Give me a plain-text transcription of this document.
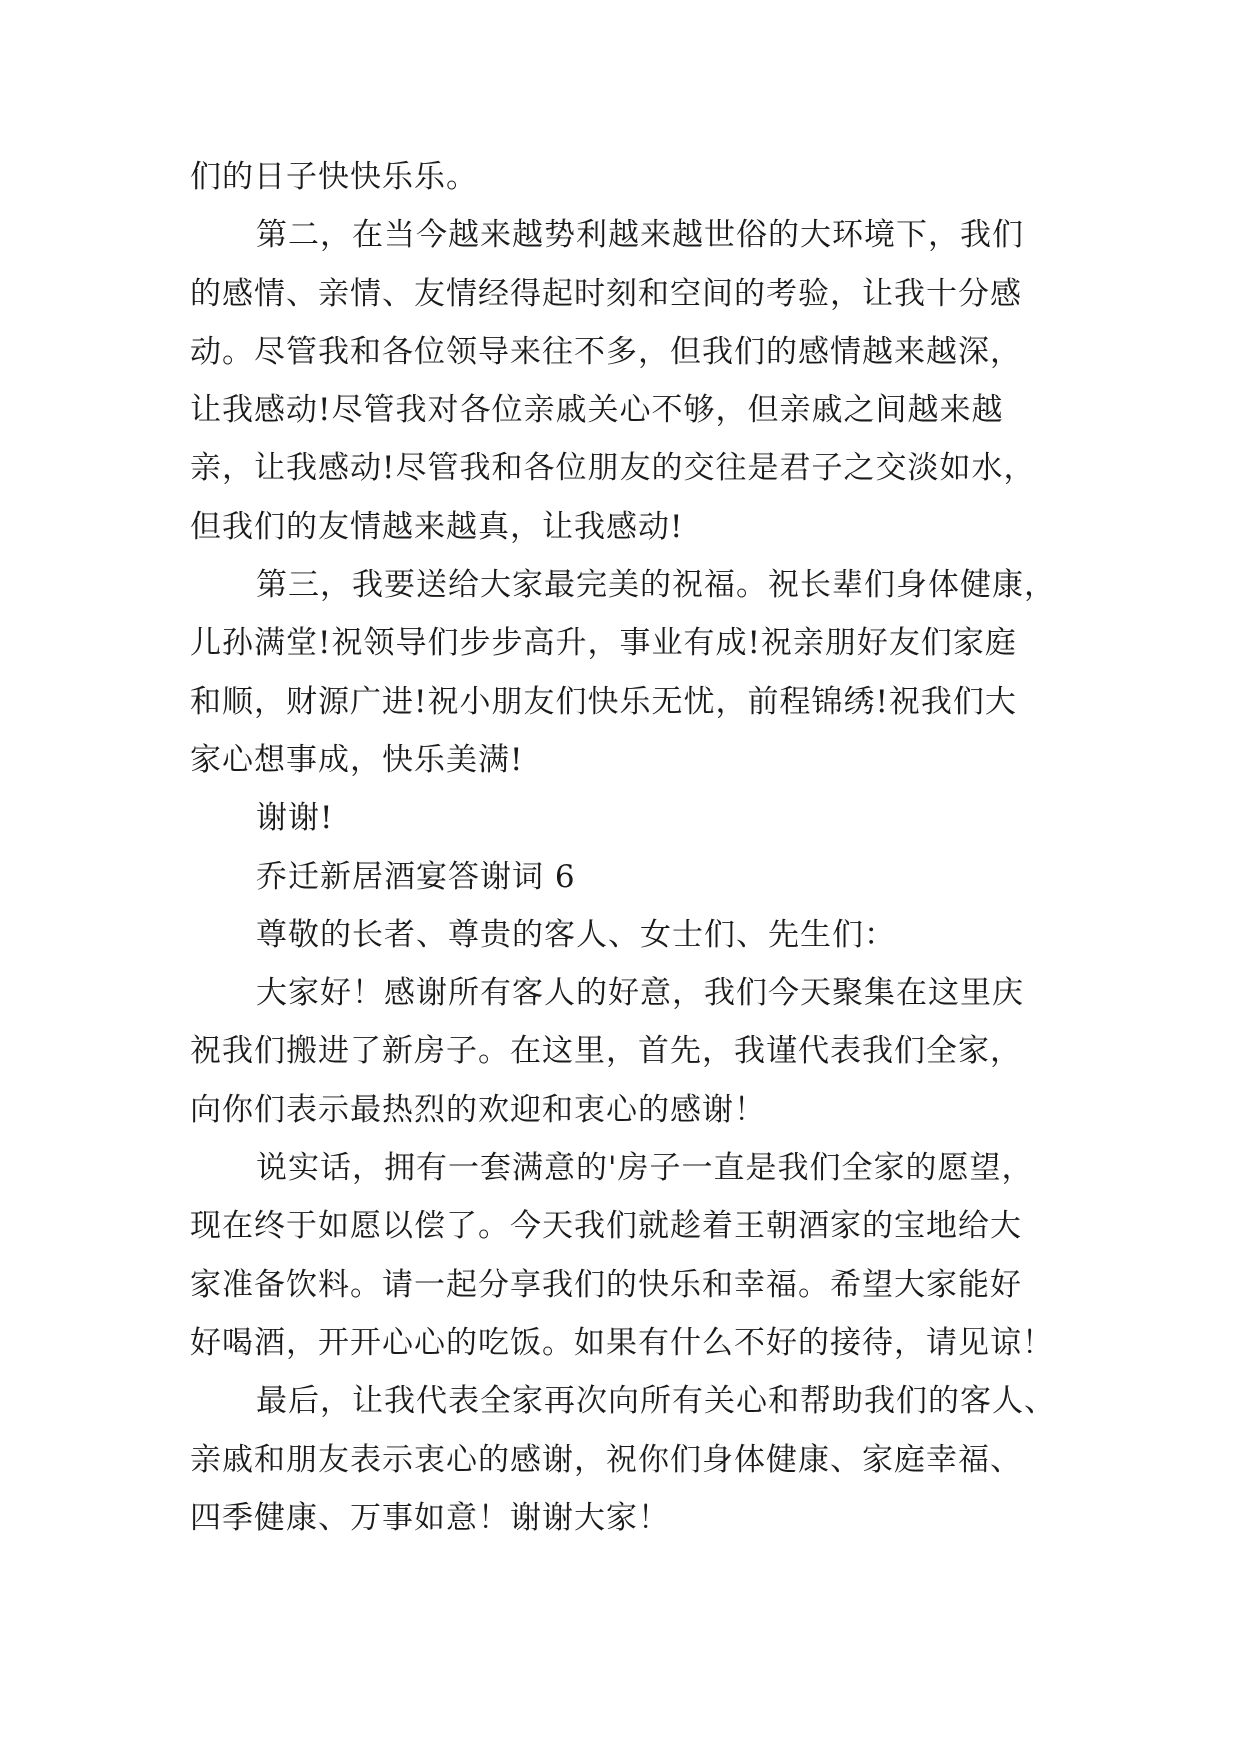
们的日子快快乐乐。
第二，在当今越来越势利越来越世俗的大环境下，我们
的感情、亲情、友情经得起时刻和空间的考验，让我十分感
动。尽管我和各位领导来往不多，但我们的感情越来越深，
让我感动!尽管我对各位亲戚关心不够，但亲戚之间越来越
亲，让我感动!尽管我和各位朋友的交往是君子之交淡如水，
但我们的友情越来越真，让我感动!
第三，我要送给大家最完美的祝福。祝长辈们身体健康，
儿孙满堂!祝领导们步步高升，事业有成!祝亲朋好友们家庭
和顺，财源广进!祝小朋友们快乐无忧，前程锦绣!祝我们大
家心想事成，快乐美满!
谢谢!
乔迁新居酒宴答谢词 6
尊敬的长者、尊贵的客人、女士们、先生们：
大家好！感谢所有客人的好意，我们今天聚集在这里庆
祝我们搬进了新房子。在这里，首先，我谨代表我们全家，
向你们表示最热烈的欢迎和衷心的感谢！
说实话，拥有一套满意的'房子一直是我们全家的愿望，
现在终于如愿以偿了。今天我们就趁着王朝酒家的宝地给大
家准备饮料。请一起分享我们的快乐和幸福。希望大家能好
好喝酒，开开心心的吃饭。如果有什么不好的接待，请见谅！
最后，让我代表全家再次向所有关心和帮助我们的客人、
亲戚和朋友表示衷心的感谢，祝你们身体健康、家庭幸福、
四季健康、万事如意！谢谢大家！
